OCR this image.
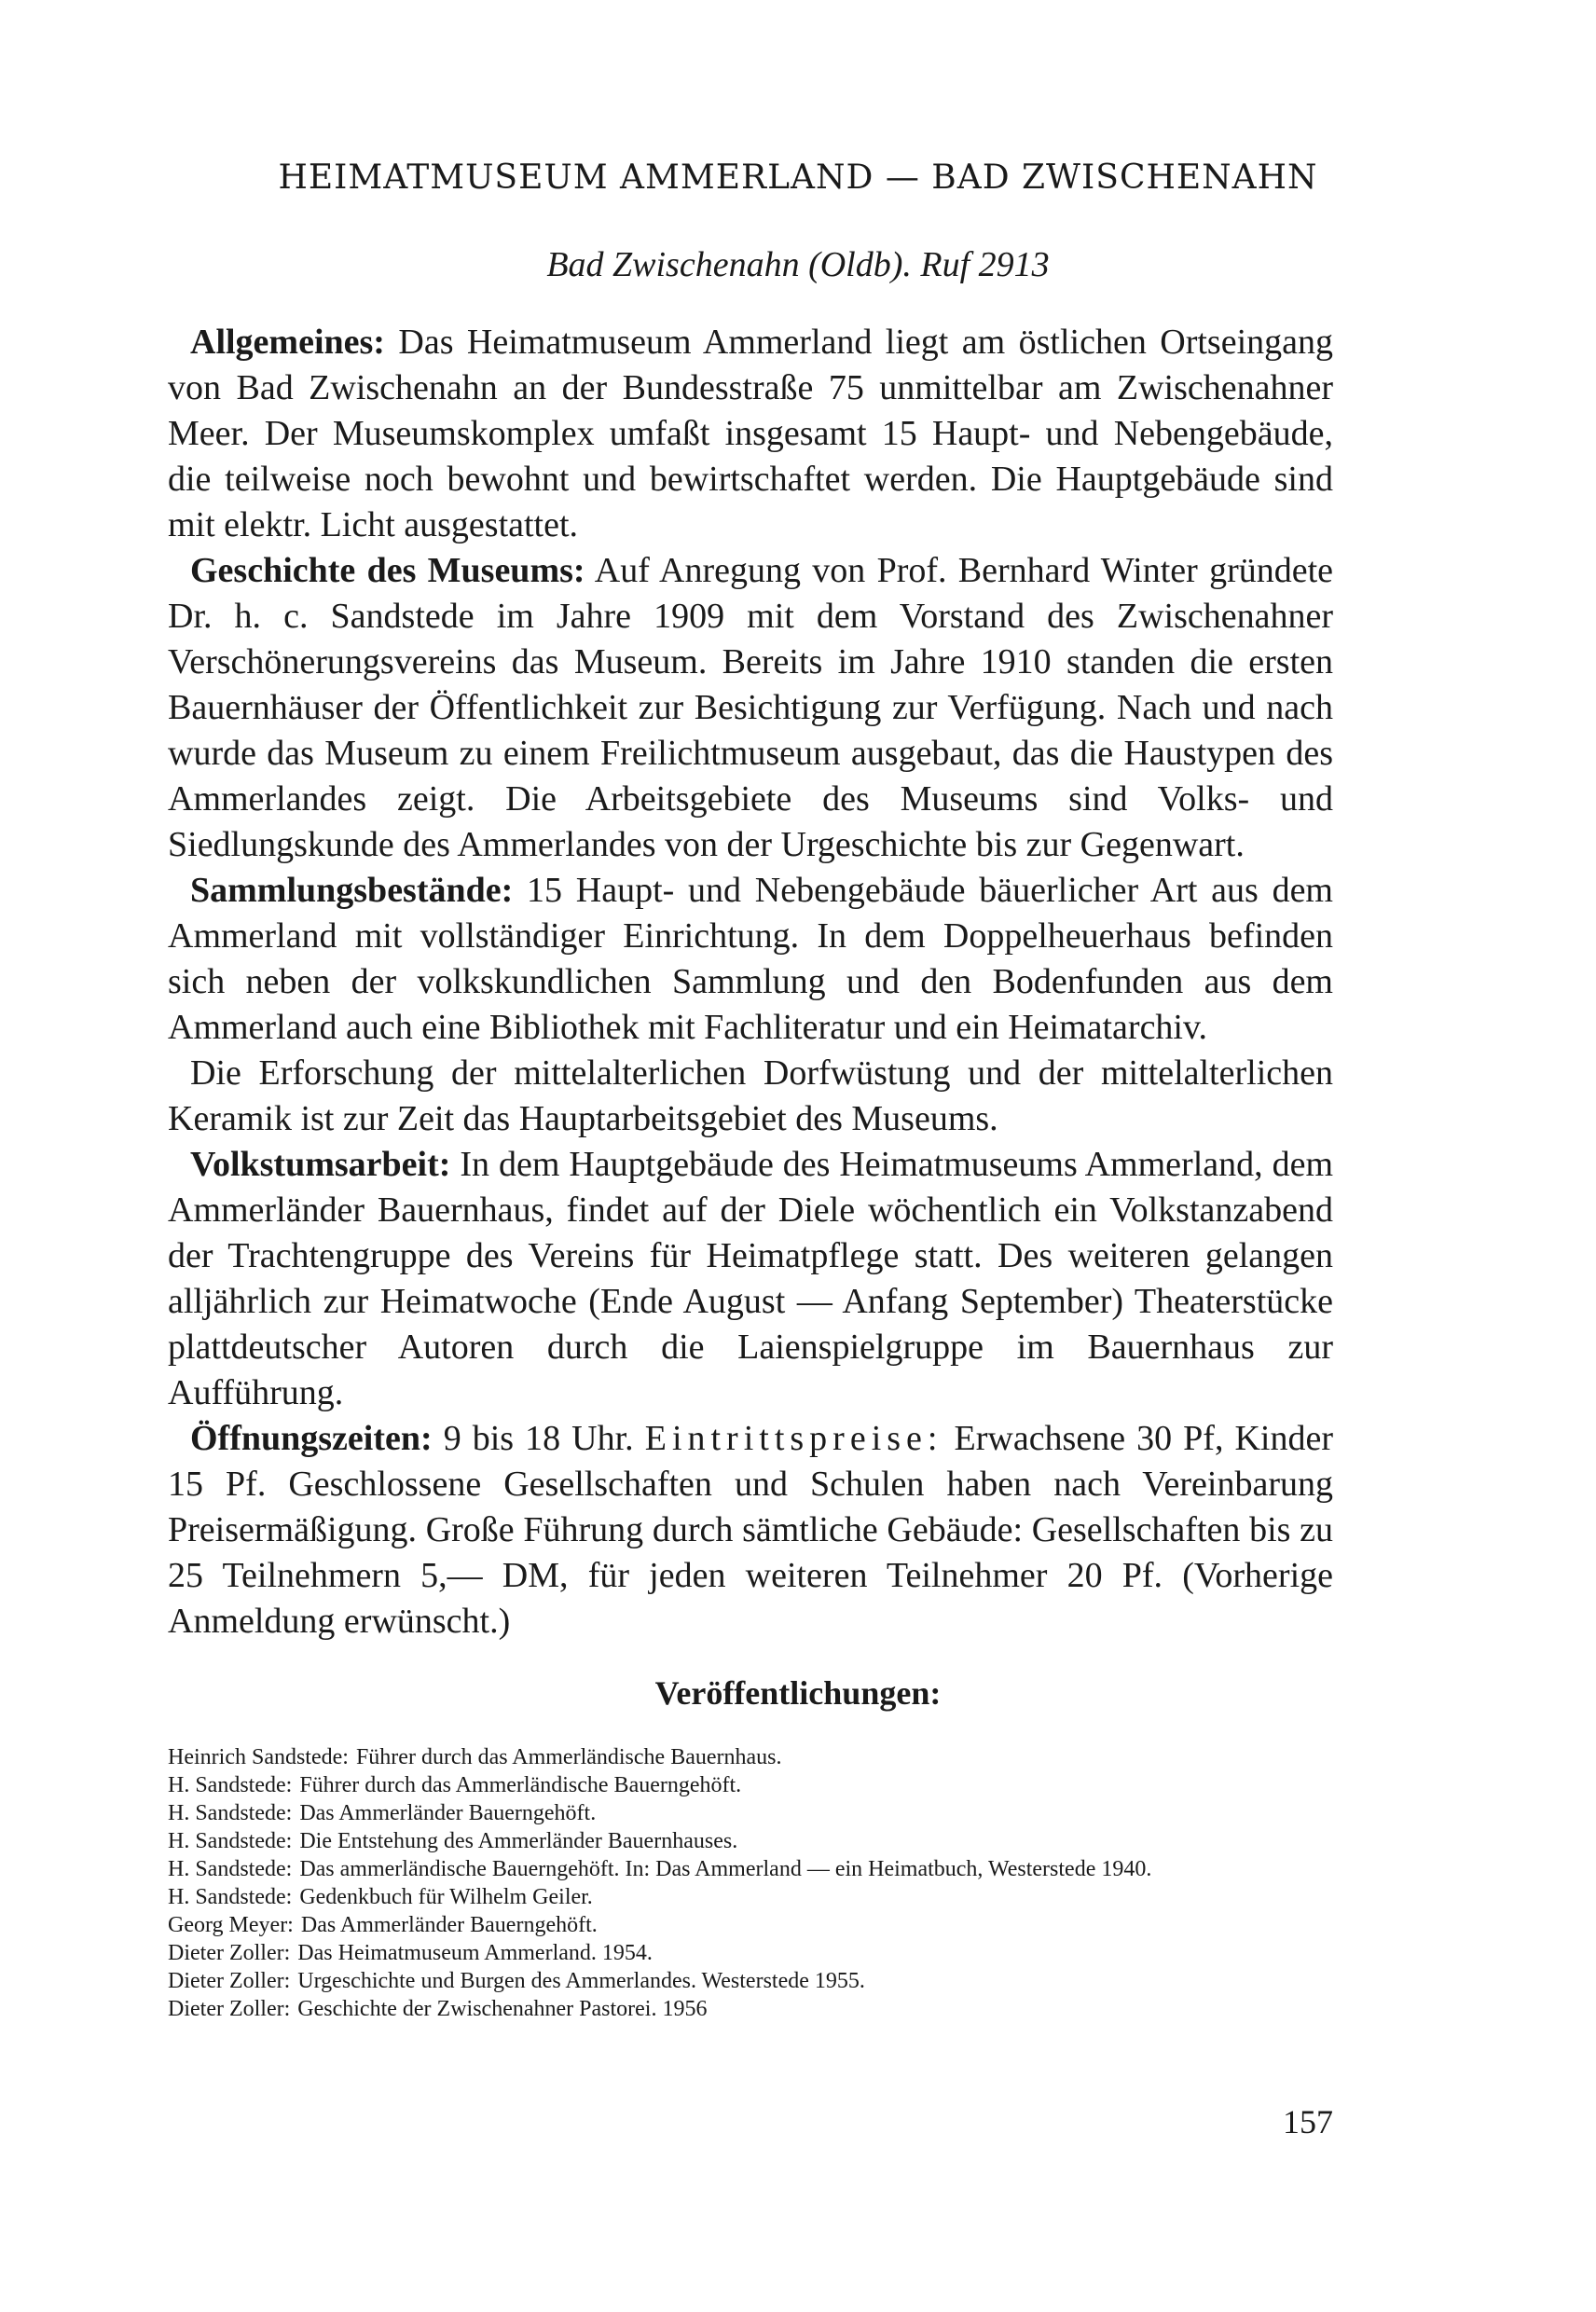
HEIMATMUSEUM AMMERLAND — BAD ZWISCHENAHN
Bad Zwischenahn (Oldb). Ruf 2913

Allgemeines: Das Heimatmuseum Ammerland liegt am östlichen Ortseingang von Bad Zwischenahn an der Bundesstraße 75 unmittelbar am Zwischenahner Meer. Der Museumskomplex umfaßt insgesamt 15 Haupt- und Nebengebäude, die teilweise noch bewohnt und bewirtschaftet werden. Die Hauptgebäude sind mit elektr. Licht ausgestattet.

Geschichte des Museums: Auf Anregung von Prof. Bernhard Winter gründete Dr. h. c. Sandstede im Jahre 1909 mit dem Vorstand des Zwischenahner Verschönerungsvereins das Museum. Bereits im Jahre 1910 standen die ersten Bauernhäuser der Öffentlichkeit zur Besichtigung zur Verfügung. Nach und nach wurde das Museum zu einem Freilichtmuseum ausgebaut, das die Haustypen des Ammerlandes zeigt. Die Arbeitsgebiete des Museums sind Volks- und Siedlungskunde des Ammerlandes von der Urgeschichte bis zur Gegenwart.

Sammlungsbestände: 15 Haupt- und Nebengebäude bäuerlicher Art aus dem Ammerland mit vollständiger Einrichtung. In dem Doppelheuerhaus befinden sich neben der volkskundlichen Sammlung und den Bodenfunden aus dem Ammerland auch eine Bibliothek mit Fachliteratur und ein Heimatarchiv.

Die Erforschung der mittelalterlichen Dorfwüstung und der mittelalterlichen Keramik ist zur Zeit das Hauptarbeitsgebiet des Museums.

Volkstumsarbeit: In dem Hauptgebäude des Heimatmuseums Ammerland, dem Ammerländer Bauernhaus, findet auf der Diele wöchentlich ein Volkstanzabend der Trachtengruppe des Vereins für Heimatpflege statt. Des weiteren gelangen alljährlich zur Heimatwoche (Ende August — Anfang September) Theaterstücke plattdeutscher Autoren durch die Laienspielgruppe im Bauernhaus zur Aufführung.

Öffnungszeiten: 9 bis 18 Uhr. Eintrittspreise: Erwachsene 30 Pf, Kinder 15 Pf. Geschlossene Gesellschaften und Schulen haben nach Vereinbarung Preisermäßigung. Große Führung durch sämtliche Gebäude: Gesellschaften bis zu 25 Teilnehmern 5,— DM, für jeden weiteren Teilnehmer 20 Pf. (Vorherige Anmeldung erwünscht.)

Veröffentlichungen:
Heinrich Sandstede: Führer durch das Ammerländische Bauernhaus.
H. Sandstede: Führer durch das Ammerländische Bauerngehöft.
H. Sandstede: Das Ammerländer Bauerngehöft.
H. Sandstede: Die Entstehung des Ammerländer Bauernhauses.
H. Sandstede: Das ammerländische Bauerngehöft. In: Das Ammerland — ein Heimatbuch, Westerstede 1940.
H. Sandstede: Gedenkbuch für Wilhelm Geiler.
Georg Meyer: Das Ammerländer Bauerngehöft.
Dieter Zoller: Das Heimatmuseum Ammerland. 1954.
Dieter Zoller: Urgeschichte und Burgen des Ammerlandes. Westerstede 1955.
Dieter Zoller: Geschichte der Zwischenahner Pastorei. 1956
157
